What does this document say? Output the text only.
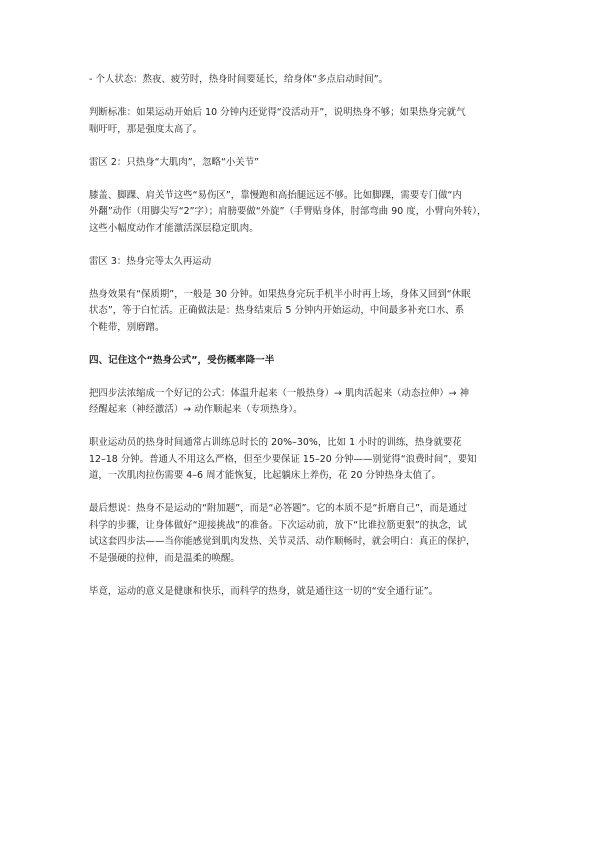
- 个人状态：熬夜、疲劳时，热身时间要延长，给身体“多点启动时间”。

判断标准：如果运动开始后 10 分钟内还觉得“没活动开”，说明热身不够；如果热身完就气
喘吁吁，那是强度太高了。

雷区 2：只热身“大肌肉”，忽略“小关节”

膝盖、脚踝、肩关节这些“易伤区”，靠慢跑和高抬腿远远不够。比如脚踝，需要专门做“内
外翻”动作（用脚尖写“2”字）；肩膀要做“外旋”（手臂贴身体，肘部弯曲 90 度，小臂向外转），
这些小幅度动作才能激活深层稳定肌肉。

雷区 3：热身完等太久再运动

热身效果有“保质期”，一般是 30 分钟。如果热身完玩手机半小时再上场，身体又回到“休眠
状态”，等于白忙活。正确做法是：热身结束后 5 分钟内开始运动，中间最多补充口水、系
个鞋带，别磨蹭。

四、记住这个“热身公式”，受伤概率降一半

把四步法浓缩成一个好记的公式：体温升起来（一般热身）→ 肌肉活起来（动态拉伸）→ 神
经醒起来（神经激活）→ 动作顺起来（专项热身）。

职业运动员的热身时间通常占训练总时长的 20%–30%，比如 1 小时的训练，热身就要花
12–18 分钟。普通人不用这么严格，但至少要保证 15–20 分钟——别觉得“浪费时间”，要知
道，一次肌肉拉伤需要 4–6 周才能恢复，比起躺床上养伤，花 20 分钟热身太值了。

最后想说：热身不是运动的“附加题”，而是“必答题”。它的本质不是“折磨自己”，而是通过
科学的步骤，让身体做好“迎接挑战”的准备。下次运动前，放下“比谁拉筋更狠”的执念，试
试这套四步法——当你能感觉到肌肉发热、关节灵活、动作顺畅时，就会明白：真正的保护，
不是强硬的拉伸，而是温柔的唤醒。

毕竟，运动的意义是健康和快乐，而科学的热身，就是通往这一切的“安全通行证”。
